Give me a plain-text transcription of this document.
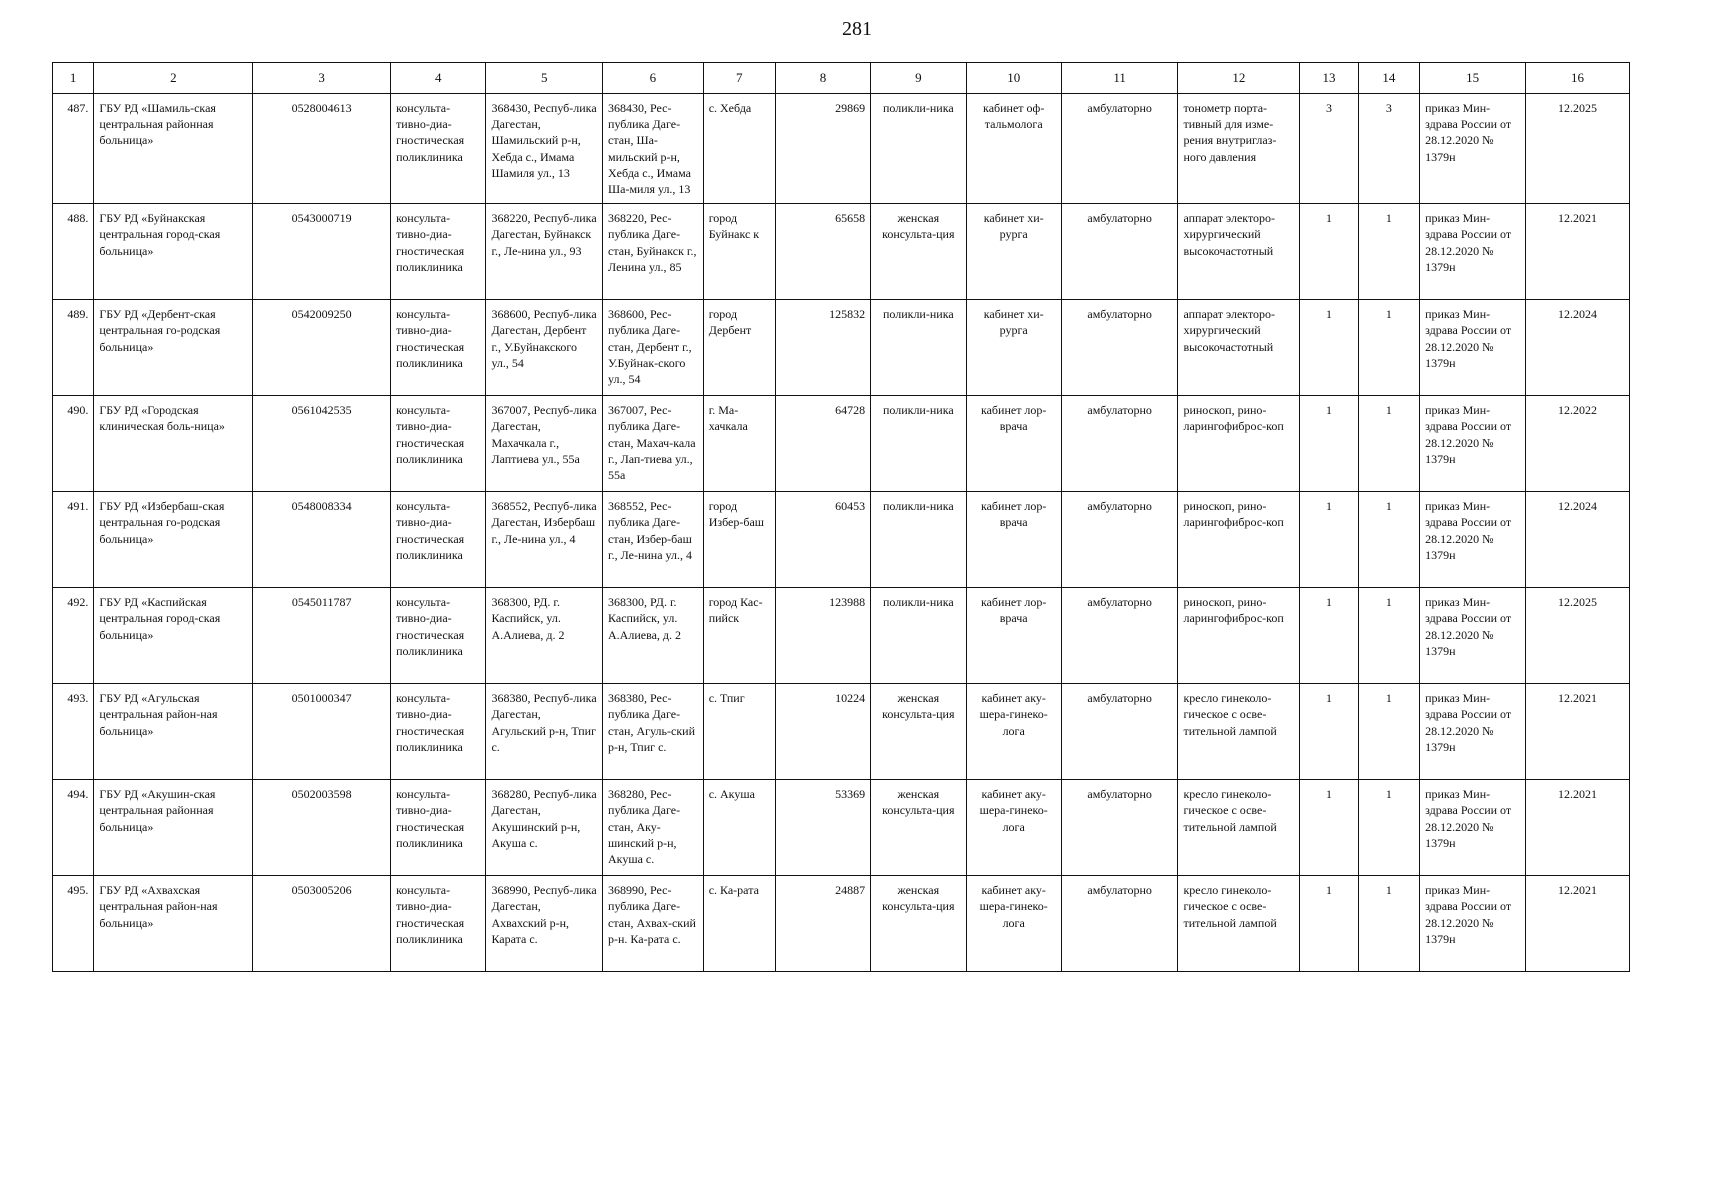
281
1	2	3	4	5	6	7	8	9	10	11	12	13	14	15	16
487.	ГБУ РД «Шамиль-ская центральная районная больница»	0528004613	консульта-тивно-диа-гностическая поликлиника	368430, Респуб-лика Дагестан, Шамильский р-н, Хебда с., Имама Шамиля ул., 13	368430, Рес-публика Даге-стан, Ша-мильский р-н, Хебда с., Имама Ша-миля ул., 13	с. Хебда	29869	поликли-ника	кабинет оф-тальмолога	амбулаторно	тонометр порта-тивный для изме-рения внутриглаз-ного давления	3	3	приказ Мин-здрава России от 28.12.2020 № 1379н	12.2025
488.	ГБУ РД «Буйнакская центральная город-ская больница»	0543000719	консульта-тивно-диа-гностическая поликлиника	368220, Респуб-лика Дагестан, Буйнакск г., Ле-нина ул., 93	368220, Рес-публика Даге-стан, Буйнакск г., Ленина ул., 85	город Буйнакс к	65658	женская консульта-ция	кабинет хи-рурга	амбулаторно	аппарат электоро-хирургический высокочастотный	1	1	приказ Мин-здрава России от 28.12.2020 № 1379н	12.2021
489.	ГБУ РД «Дербент-ская центральная го-родская больница»	0542009250	консульта-тивно-диа-гностическая поликлиника	368600, Респуб-лика Дагестан, Дербент г., У.Буйнакского ул., 54	368600, Рес-публика Даге-стан, Дербент г., У.Буйнак-ского ул., 54	город Дербент	125832	поликли-ника	кабинет хи-рурга	амбулаторно	аппарат электоро-хирургический высокочастотный	1	1	приказ Мин-здрава России от 28.12.2020 № 1379н	12.2024
490.	ГБУ РД «Городская клиническая боль-ница»	0561042535	консульта-тивно-диа-гностическая поликлиника	367007, Респуб-лика Дагестан, Махачкала г., Лаптиева ул., 55а	367007, Рес-публика Даге-стан, Махач-кала г., Лап-тиева ул., 55а	г. Ма-хачкала	64728	поликли-ника	кабинет лор-врача	амбулаторно	риноскоп, рино-ларингофиброс-коп	1	1	приказ Мин-здрава России от 28.12.2020 № 1379н	12.2022
491.	ГБУ РД «Избербаш-ская центральная го-родская больница»	0548008334	консульта-тивно-диа-гностическая поликлиника	368552, Респуб-лика Дагестан, Избербаш г., Ле-нина ул., 4	368552, Рес-публика Даге-стан, Избер-баш г., Ле-нина ул., 4	город Избер-баш	60453	поликли-ника	кабинет лор-врача	амбулаторно	риноскоп, рино-ларингофиброс-коп	1	1	приказ Мин-здрава России от 28.12.2020 № 1379н	12.2024
492.	ГБУ РД «Каспийская центральная город-ская больница»	0545011787	консульта-тивно-диа-гностическая поликлиника	368300, РД. г. Каспийск, ул. А.Алиева, д. 2	368300, РД. г. Каспийск, ул. А.Алиева, д. 2	город Кас-пийск	123988	поликли-ника	кабинет лор-врача	амбулаторно	риноскоп, рино-ларингофиброс-коп	1	1	приказ Мин-здрава России от 28.12.2020 № 1379н	12.2025
493.	ГБУ РД «Агульская центральная район-ная больница»	0501000347	консульта-тивно-диа-гностическая поликлиника	368380, Респуб-лика Дагестан, Агульский р-н, Тпиг с.	368380, Рес-публика Даге-стан, Агуль-ский р-н, Тпиг с.	с. Тпиг	10224	женская консульта-ция	кабинет аку-шера-гинеко-лога	амбулаторно	кресло гинеколо-гическое с осве-тительной лампой	1	1	приказ Мин-здрава России от 28.12.2020 № 1379н	12.2021
494.	ГБУ РД «Акушин-ская центральная районная больница»	0502003598	консульта-тивно-диа-гностическая поликлиника	368280, Респуб-лика Дагестан, Акушинский р-н, Акуша с.	368280, Рес-публика Даге-стан, Аку-шинский р-н, Акуша с.	с. Акуша	53369	женская консульта-ция	кабинет аку-шера-гинеко-лога	амбулаторно	кресло гинеколо-гическое с осве-тительной лампой	1	1	приказ Мин-здрава России от 28.12.2020 № 1379н	12.2021
495.	ГБУ РД «Ахвахская центральная район-ная больница»	0503005206	консульта-тивно-диа-гностическая поликлиника	368990, Респуб-лика Дагестан, Ахвахский р-н, Карата с.	368990, Рес-публика Даге-стан, Ахвах-ский р-н. Ка-рата с.	с. Ка-рата	24887	женская консульта-ция	кабинет аку-шера-гинеко-лога	амбулаторно	кресло гинеколо-гическое с осве-тительной лампой	1	1	приказ Мин-здрава России от 28.12.2020 № 1379н	12.2021
